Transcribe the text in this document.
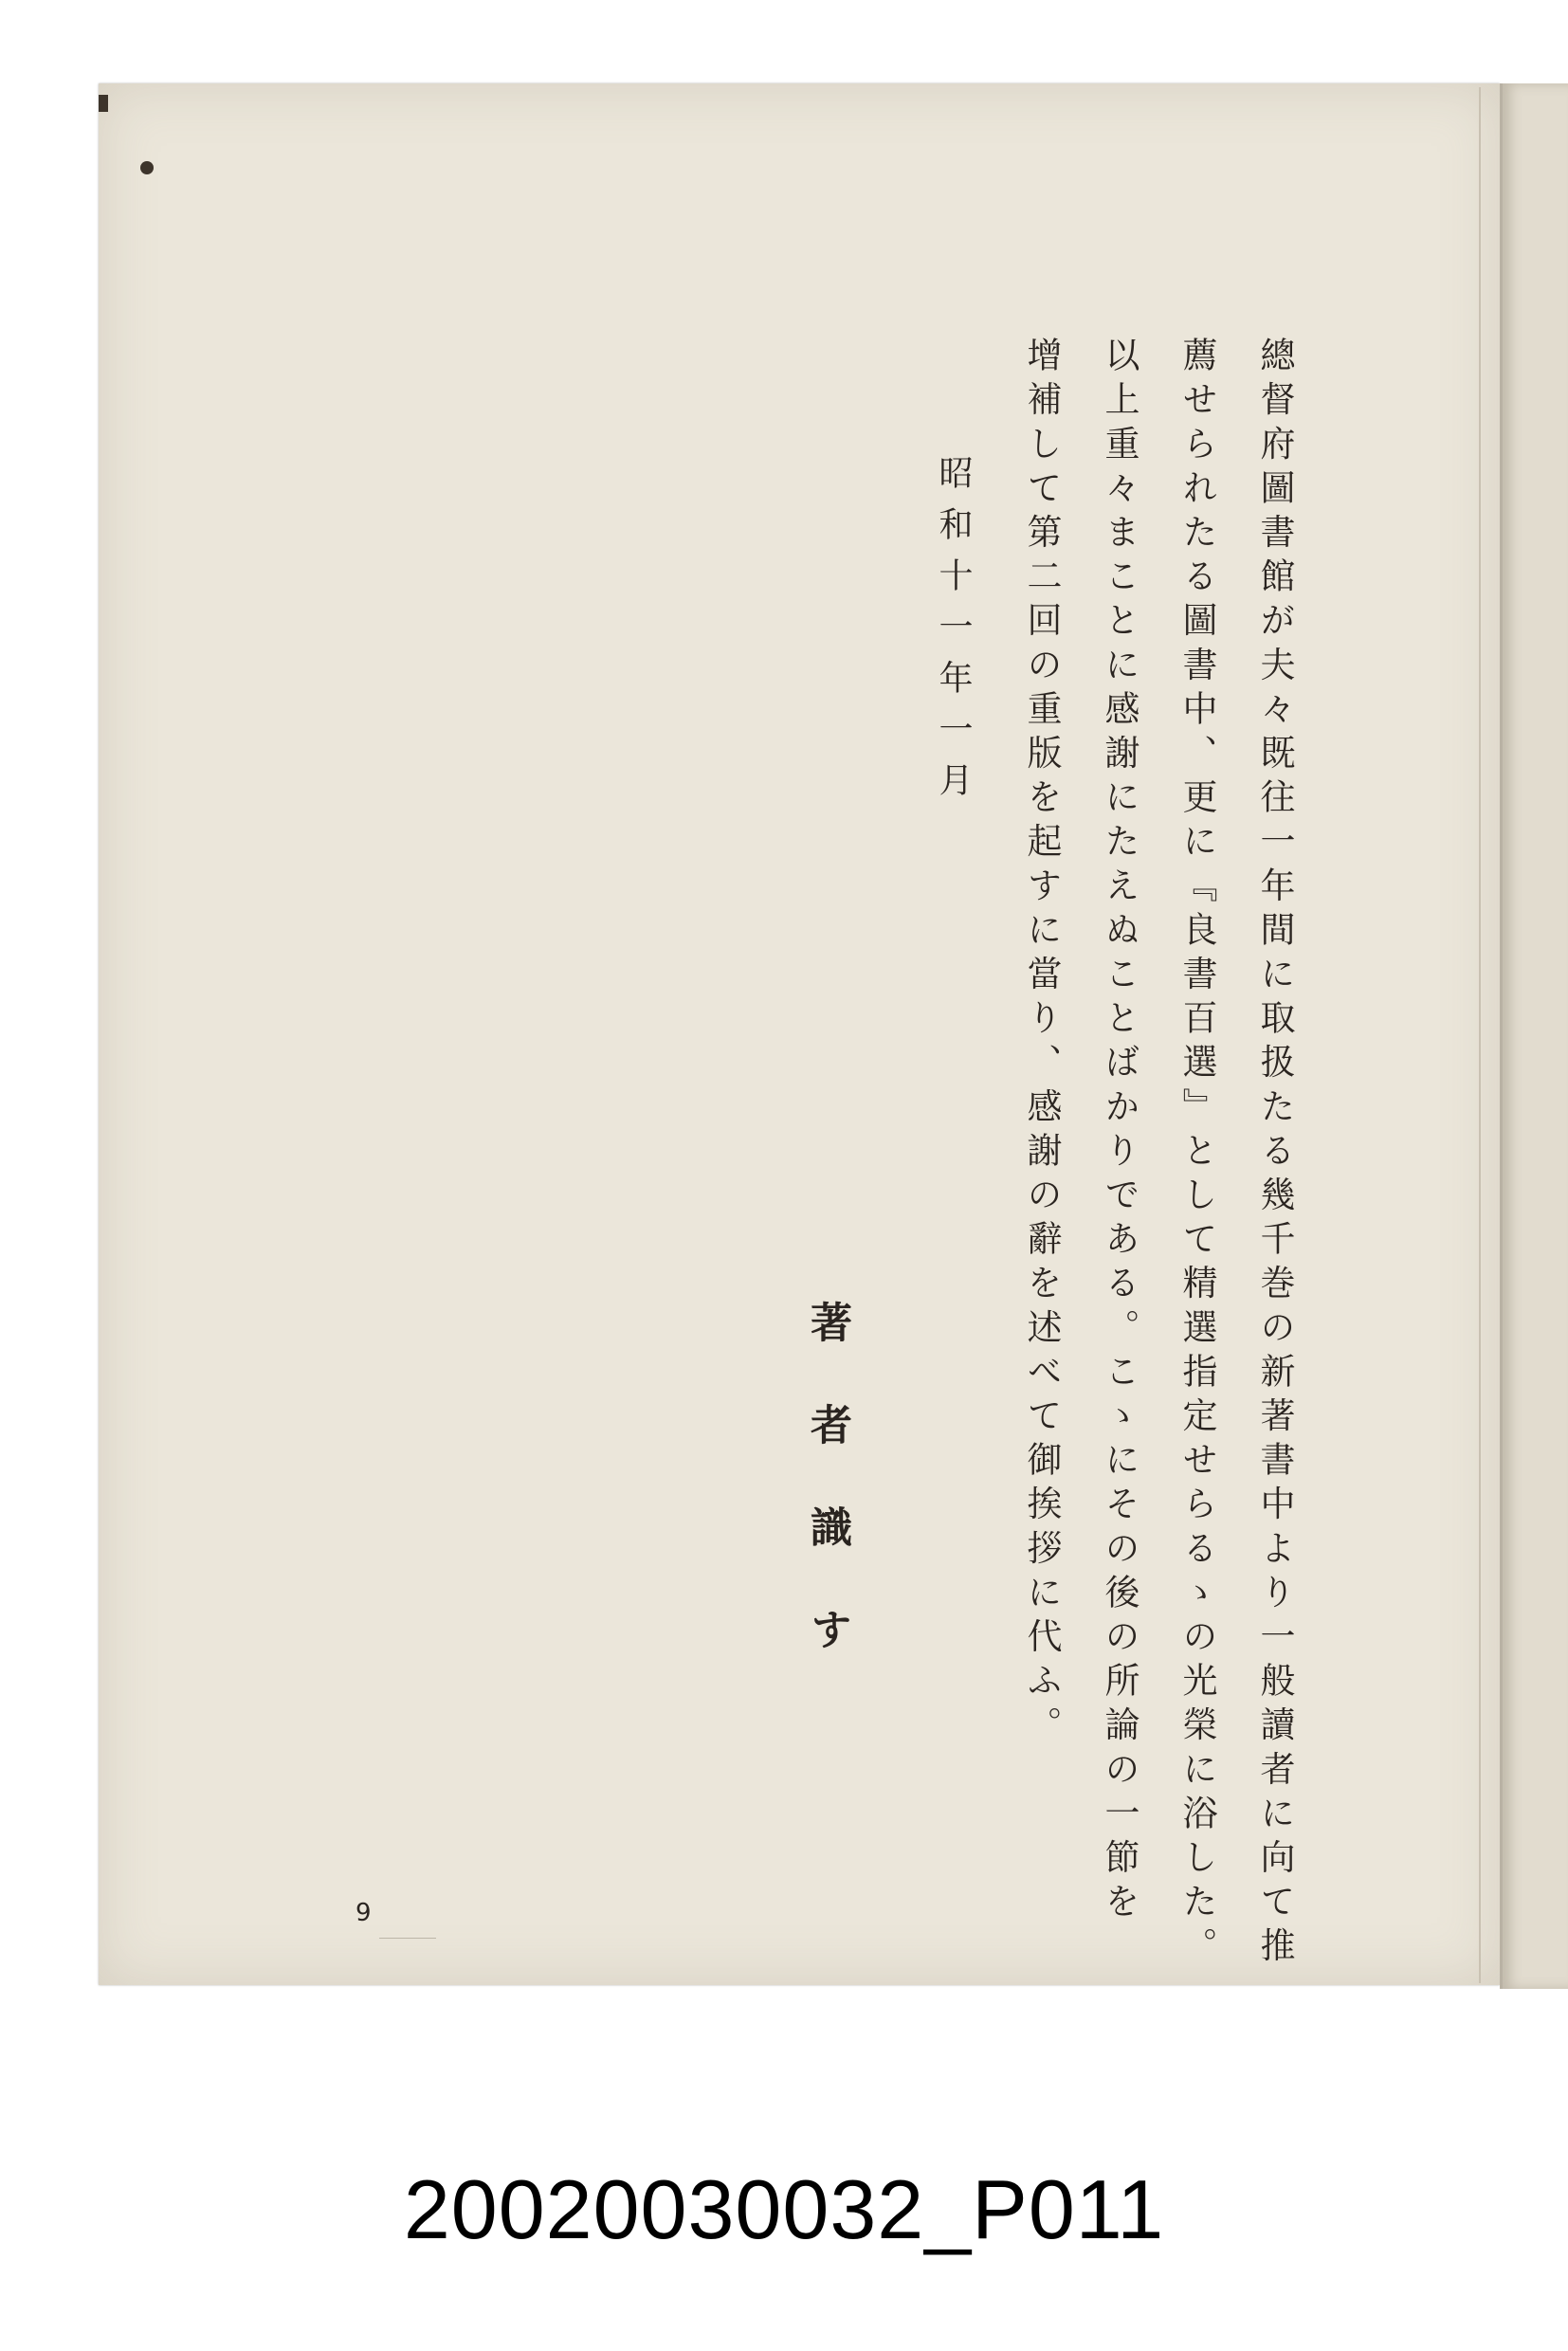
總督府圖書館が夫々既往一年間に取扱たる幾千巻の新著書中より一般讀者に向て推
薦せられたる圖書中、更に『良書百選』として精選指定せらるゝの光榮に浴した。
以上重々まことに感謝にたえぬことばかりである。こゝにその後の所論の一節を
增補して第二回の重版を起すに當り、感謝の辭を述べて御挨拶に代ふ。
昭和十一年一月
著者識す
9
20020030032_P011
